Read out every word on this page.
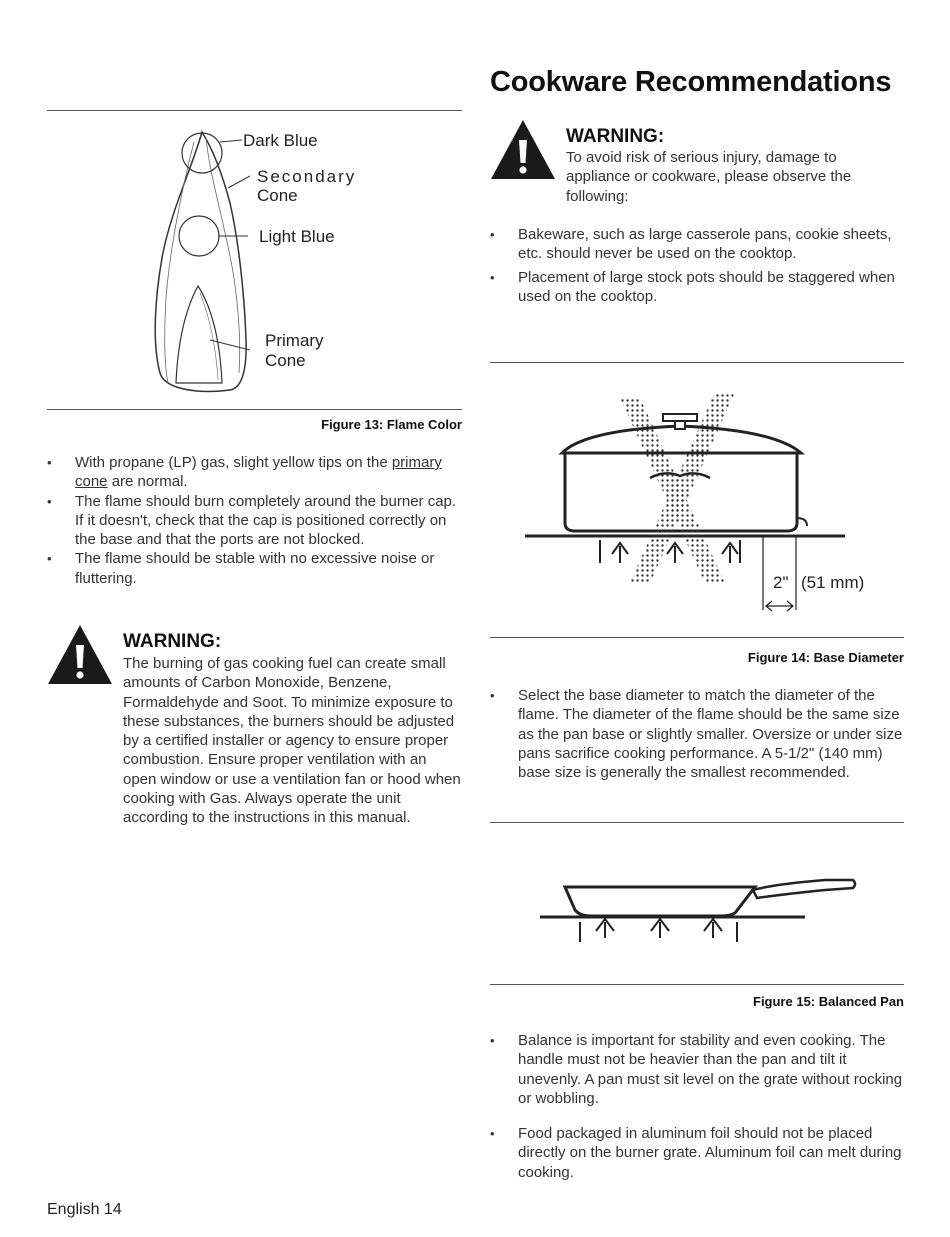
Cookware Recommendations
Dark Blue
Secondary
Cone
Light Blue
Primary
Cone
Figure 13: Flame Color
• With propane (LP) gas, slight yellow tips on the primary
cone are normal.
• The flame should burn completely around the burner cap. If it doesn't, check that the cap is positioned correctly on the base and that the ports are not blocked.
• The flame should be stable with no excessive noise or fluttering.
WARNING:
The burning of gas cooking fuel can create small amounts of Carbon Monoxide, Benzene, Formaldehyde and Soot. To minimize exposure to these substances, the burners should be adjusted by a certified installer or agency to ensure proper combustion. Ensure proper ventilation with an open window or use a ventilation fan or hood when cooking with Gas. Always operate the unit according to the instructions in this manual.
English 14
WARNING:
To avoid risk of serious injury, damage to appliance or cookware, please observe the following:
• Bakeware, such as large casserole pans, cookie sheets, etc. should never be used on the cooktop.
• Placement of large stock pots should be staggered when used on the cooktop.
2" (51 mm)
Figure 14: Base Diameter
• Select the base diameter to match the diameter of the flame. The diameter of the flame should be the same size as the pan base or slightly smaller. Oversize or under size pans sacrifice cooking performance. A 5-1/2" (140 mm) base size is generally the smallest recommended.
Figure 15: Balanced Pan
• Balance is important for stability and even cooking. The handle must not be heavier than the pan and tilt it unevenly. A pan must sit level on the grate without rocking or wobbling.
• Food packaged in aluminum foil should not be placed directly on the burner grate. Aluminum foil can melt during cooking.
